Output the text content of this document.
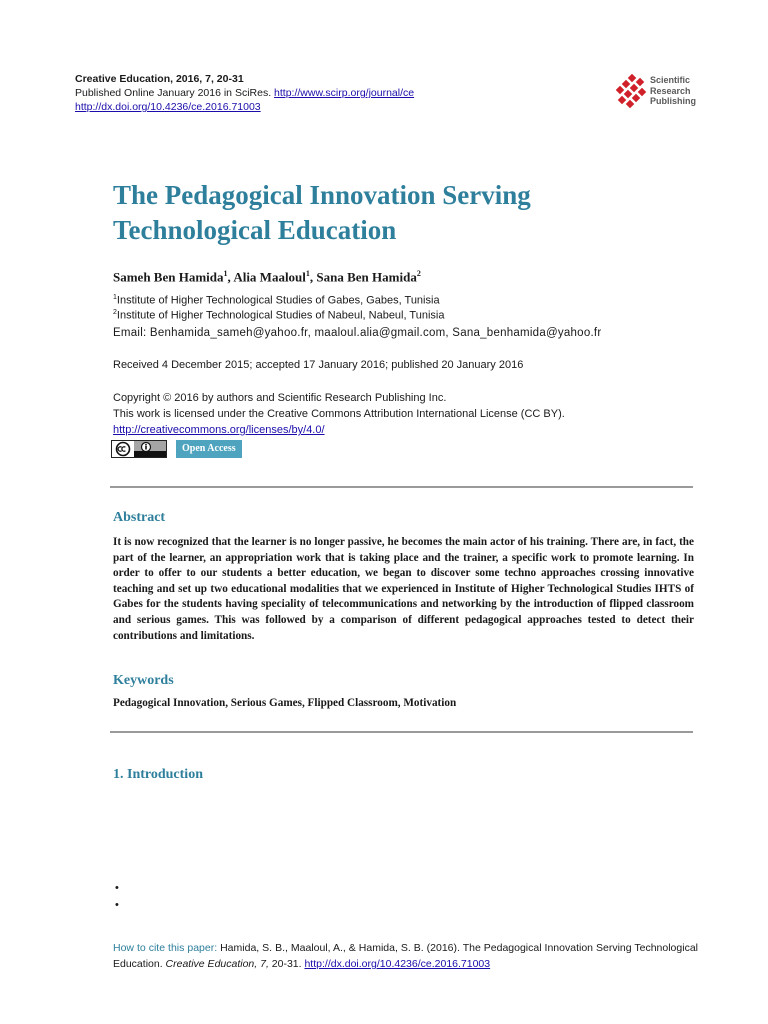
Creative Education, 2016, 7, 20-31
Published Online January 2016 in SciRes. http://www.scirp.org/journal/ce
http://dx.doi.org/10.4236/ce.2016.71003
Scientific
Research
Publishing
The Pedagogical Innovation Serving
Technological Education
Sameh Ben Hamida$^1$, Alia Maaloul$^1$, Sana Ben Hamida$^2$
$^1$Institute of Higher Technological Studies of Gabes, Gabes, Tunisia
$^2$Institute of Higher Technological Studies of Nabeul, Nabeul, Tunisia
Email: Benhamida_sameh@yahoo.fr, maaloul.alia@gmail.com, Sana_benhamida@yahoo.fr
Received 4 December 2015; accepted 17 January 2016; published 20 January 2016
Copyright © 2016 by authors and Scientific Research Publishing Inc.
This work is licensed under the Creative Commons Attribution International License (CC BY).
http://creativecommons.org/licenses/by/4.0/
Open Access
Abstract
It is now recognized that the learner is no longer passive, he becomes the main actor of his training. There are, in fact, the part of the learner, an appropriation work that is taking place and the trainer, a specific work to promote learning. In order to offer to our students a better education, we began to discover some techno approaches crossing innovative teaching and set up two educational modalities that we experienced in Institute of Higher Technological Studies IHTS of Gabes for the students having speciality of telecommunications and networking by the introduction of flipped classroom and serious games. This was followed by a comparison of different pedagogical approaches tested to detect their contributions and limitations.
Keywords
Pedagogical Innovation, Serious Games, Flipped Classroom, Motivation
1. Introduction
•
•
How to cite this paper: Hamida, S. B., Maaloul, A., & Hamida, S. B. (2016). The Pedagogical Innovation Serving Technological Education. Creative Education, 7, 20-31. http://dx.doi.org/10.4236/ce.2016.71003
